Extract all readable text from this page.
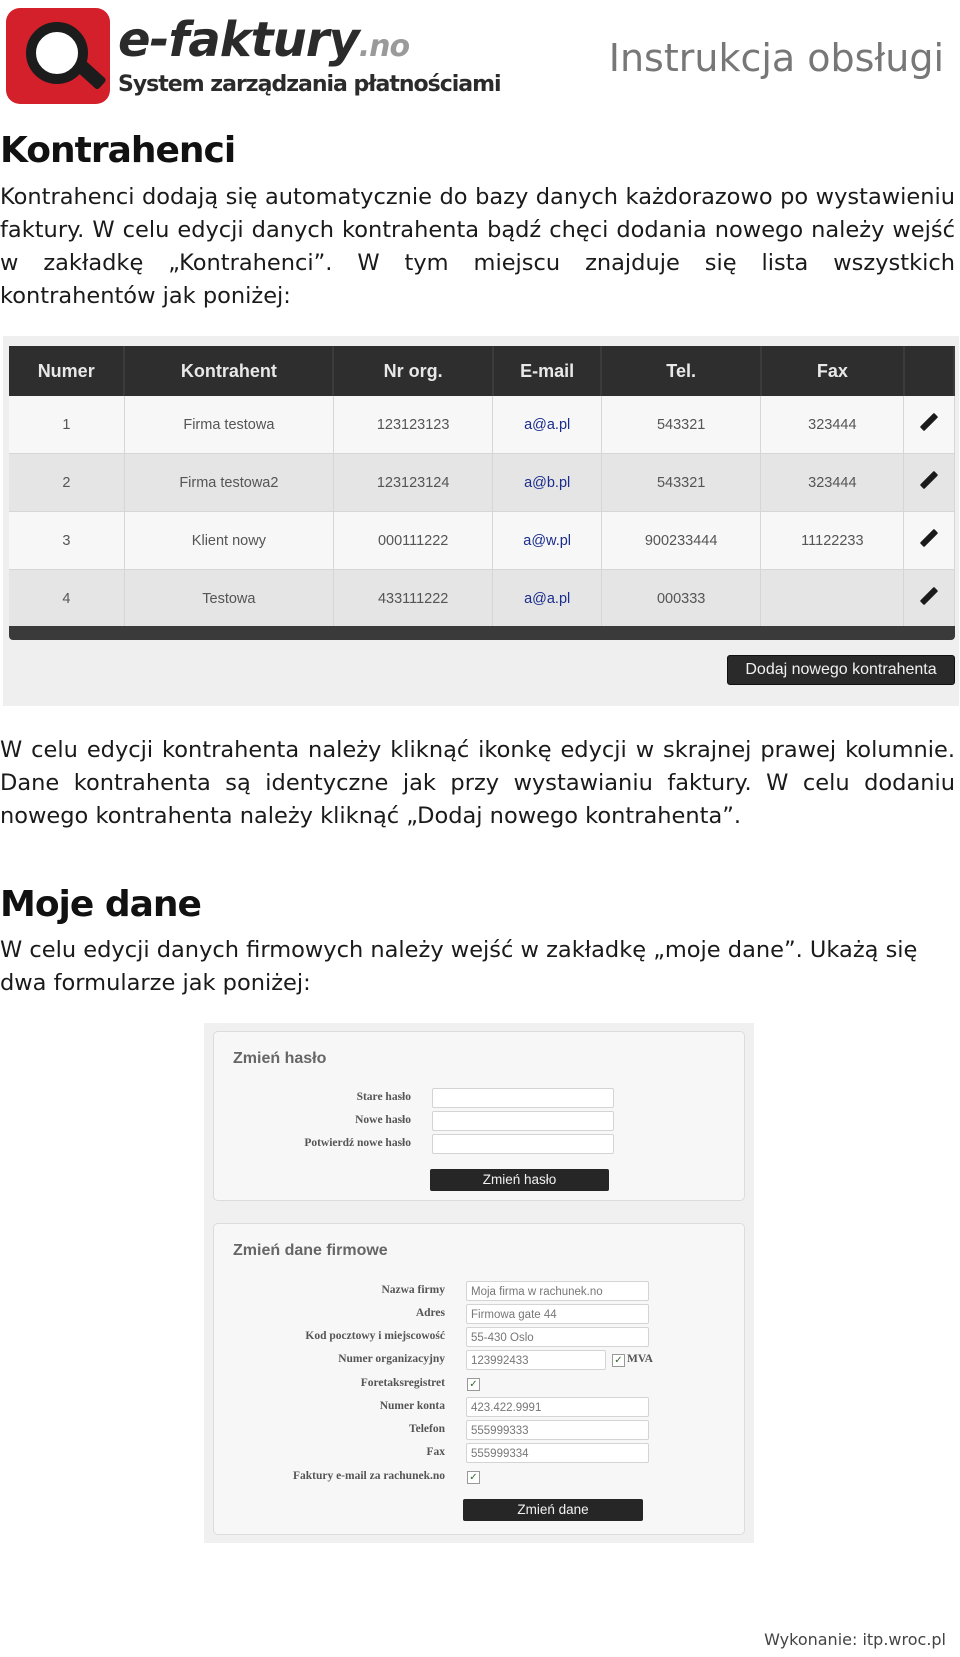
e-faktury.no
System zarządzania płatnościami
Instrukcja obsługi
Kontrahenci
Kontrahenci dodają się automatycznie do bazy danych każdorazowo po wystawieniu faktury. W celu edycji danych kontrahenta bądź chęci dodania nowego należy wejść w zakładkę „Kontrahenci”. W tym miejscu znajduje się lista wszystkich kontrahentów jak poniżej:
Numer	Kontrahent	Nr org.	E-mail	Tel.	Fax	
1	Firma testowa	123123123	a@a.pl	543321	323444	
2	Firma testowa2	123123124	a@b.pl	543321	323444	
3	Klient nowy	000111222	a@w.pl	900233444	11122233	
4	Testowa	433111222	a@a.pl	000333		
Dodaj nowego kontrahenta
W celu edycji kontrahenta należy kliknąć ikonkę edycji w skrajnej prawej kolumnie. Dane kontrahenta są identyczne jak przy wystawianiu faktury. W celu dodaniu nowego kontrahenta należy kliknąć „Dodaj nowego kontrahenta”.
Moje dane
W celu edycji danych firmowych należy wejść w zakładkę „moje dane”. Ukażą się dwa formularze jak poniżej:
Zmień hasło
Stare hasło
Nowe hasło
Potwierdź nowe hasło
Zmień hasło
Zmień dane firmowe
Nazwa firmy	Moja firma w rachunek.no
Adres	Firmowa gate 44
Kod pocztowy i miejscowość	55-430 Oslo
Numer organizacyjny	123992433	✓ MVA
Foretaksregistret ✓
Numer konta	423.422.9991
Telefon	555999333
Fax	555999334
Faktury e-mail za rachunek.no ✓
Zmień dane
Wykonanie: itp.wroc.pl
